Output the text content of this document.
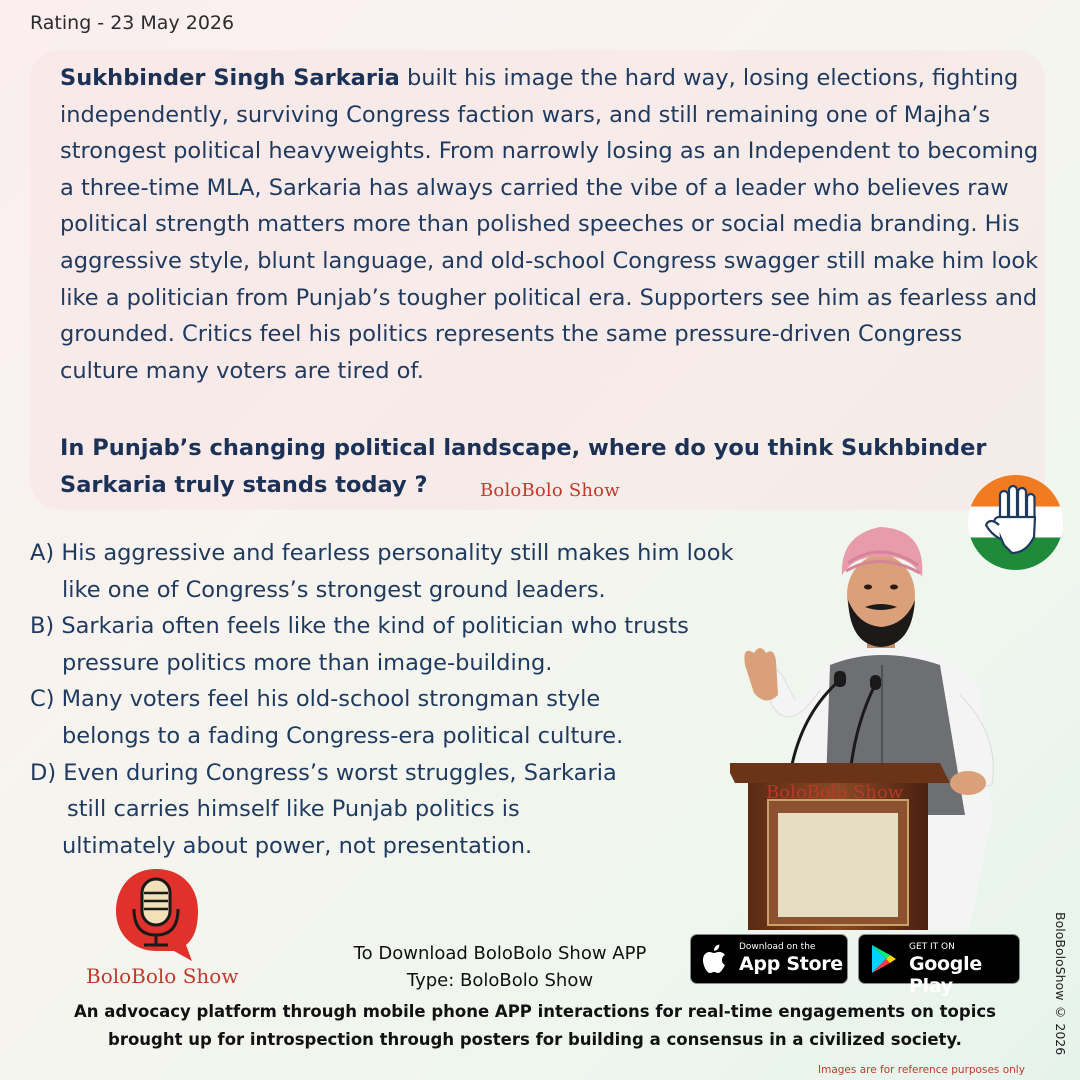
Rating - 23 May 2026
Sukhbinder Singh Sarkaria built his image the hard way, losing elections, fighting independently, surviving Congress faction wars, and still remaining one of Majha’s strongest political heavyweights. From narrowly losing as an Independent to becoming a three-time MLA, Sarkaria has always carried the vibe of a leader who believes raw political strength matters more than polished speeches or social media branding. His aggressive style, blunt language, and old-school Congress swagger still make him look like a politician from Punjab’s tougher political era. Supporters see him as fearless and grounded. Critics feel his politics represents the same pressure-driven Congress culture many voters are tired of.
In Punjab’s changing political landscape, where do you think Sukhbinder Sarkaria truly stands today ?	BoloBolo Show
A) His aggressive and fearless personality still makes him look
like one of Congress’s strongest ground leaders.
B) Sarkaria often feels like the kind of politician who trusts
pressure politics more than image-building.
C) Many voters feel his old-school strongman style
belongs to a fading Congress-era political culture.
D) Even during Congress’s worst struggles, Sarkaria
still carries himself like Punjab politics is
ultimately about power, not presentation.
BoloBolo Show
BoloBolo Show
To Download BoloBolo Show APP
Type: BoloBolo Show
Download on the
App Store
GET IT ON
Google Play
An advocacy platform through mobile phone APP interactions for real-time engagements on topics
brought up for introspection through posters for building a consensus in a civilized society.	BoloBoloShow © 2026
Images are for reference purposes only
